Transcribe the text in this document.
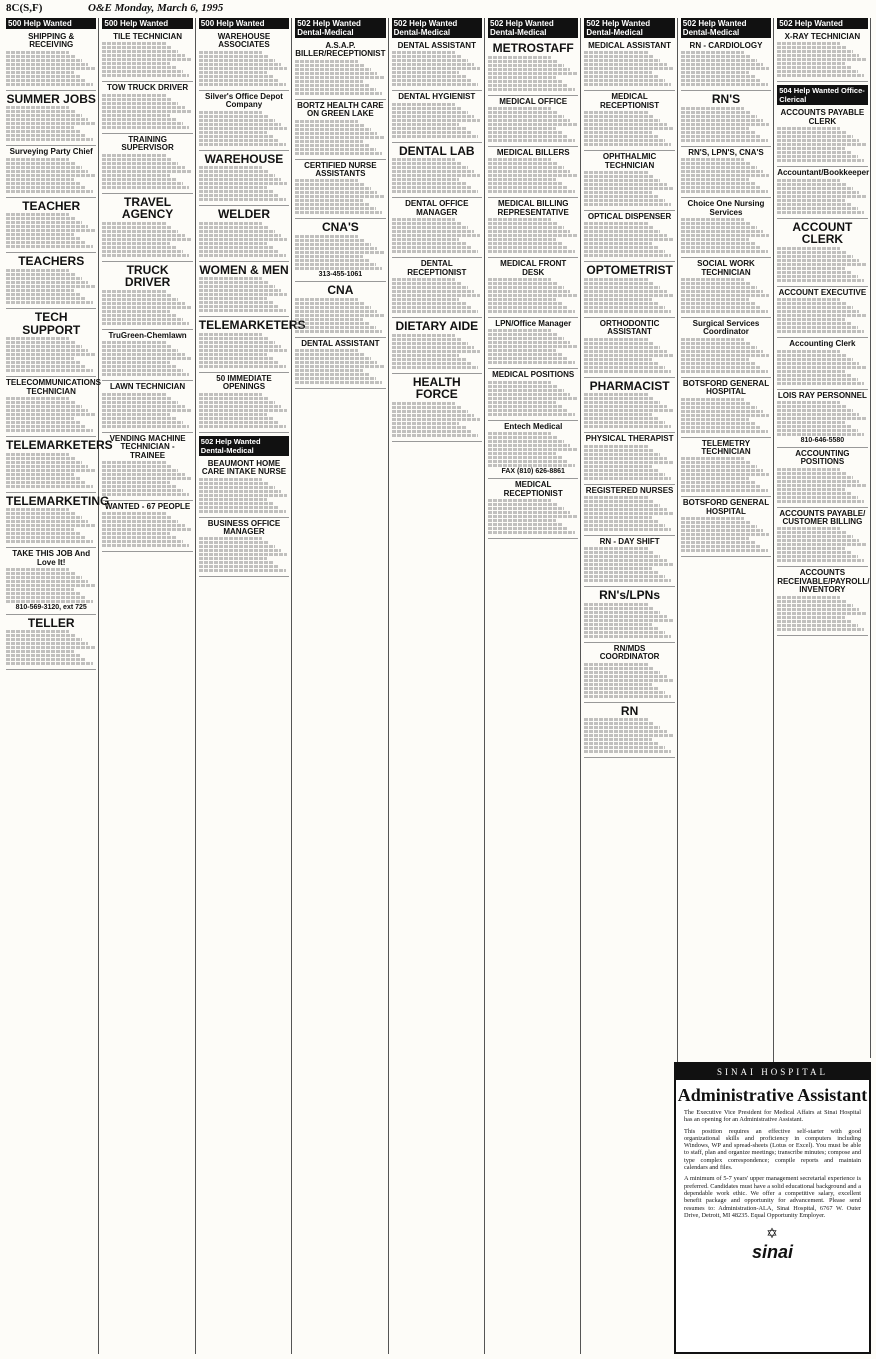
8C(S,F)	O&E Monday, March 6, 1995
500 Help Wanted
SHIPPING & RECEIVING
SUMMER JOBS
Surveying Party Chief
TEACHER
TEACHERS
TECH SUPPORT
TELECOMMUNICATIONS TECHNICIAN
TELEMARKETERS
TELEMARKETING
TAKE THIS JOB And Love It!
810-569-3120, ext 725
TELLER
500 Help Wanted
TILE TECHNICIAN
TOW TRUCK DRIVER
TRAINING SUPERVISOR
TRAVEL AGENCY
TRUCK DRIVER
TruGreen-Chemlawn
LAWN TECHNICIAN
VENDING MACHINE TECHNICIAN - TRAINEE
WANTED - 67 PEOPLE
500 Help Wanted
WAREHOUSE ASSOCIATES
Silver's Office Depot Company
WAREHOUSE
WELDER
WOMEN & MEN
TELEMARKETERS
50 IMMEDIATE OPENINGS
502 Help Wanted Dental-Medical
BEAUMONT HOME CARE INTAKE NURSE
BUSINESS OFFICE MANAGER
502 Help Wanted Dental-Medical
A.S.A.P. BILLER/RECEPTIONIST
BORTZ HEALTH CARE ON GREEN LAKE
CERTIFIED NURSE ASSISTANTS
CNA'S
313-455-1061
CNA
DENTAL ASSISTANT
502 Help Wanted Dental-Medical
DENTAL ASSISTANT
DENTAL HYGIENIST
DENTAL LAB
DENTAL OFFICE MANAGER
DENTAL RECEPTIONIST
DIETARY AIDE
HEALTH FORCE
502 Help Wanted Dental-Medical
METROSTAFF
MEDICAL OFFICE
MEDICAL BILLERS
MEDICAL BILLING REPRESENTATIVE
MEDICAL FRONT DESK
LPN/Office Manager
MEDICAL POSITIONS
Entech Medical
FAX (810) 626-8861
MEDICAL RECEPTIONIST
502 Help Wanted Dental-Medical
MEDICAL ASSISTANT
MEDICAL RECEPTIONIST
OPHTHALMIC TECHNICIAN
OPTICAL DISPENSER
OPTOMETRIST
ORTHODONTIC ASSISTANT
PHARMACIST
PHYSICAL THERAPIST
REGISTERED NURSES
RN - DAY SHIFT
RN's/LPNs
RN/MDS COORDINATOR
RN
502 Help Wanted Dental-Medical
RN - CARDIOLOGY
RN'S
RN'S, LPN'S, CNA'S
Choice One Nursing Services
SOCIAL WORK TECHNICIAN
Surgical Services Coordinator
BOTSFORD GENERAL HOSPITAL
TELEMETRY TECHNICIAN
BOTSFORD GENERAL HOSPITAL
502 Help Wanted
X-RAY TECHNICIAN
504 Help Wanted Office-Clerical
ACCOUNTS PAYABLE CLERK
Accountant/Bookkeeper
ACCOUNT CLERK
ACCOUNT EXECUTIVE
Accounting Clerk
LOIS RAY PERSONNEL
810-646-5580
ACCOUNTING POSITIONS
ACCOUNTS PAYABLE/ CUSTOMER BILLING
ACCOUNTS RECEIVABLE/PAYROLL/ INVENTORY
SINAI HOSPITAL
Administrative Assistant

The Executive Vice President for Medical Affairs at Sinai Hospital has an opening for an Administrative Assistant.

This position requires an effective self-starter with good organizational skills and proficiency in computers including Windows, WP and spread-sheets (Lotus or Excel). You must be able to staff, plan and organize meetings; transcribe minutes; compose and type complex correspondence; compile reports and maintain calendars and files.

A minimum of 5-7 years' upper management secretarial experience is preferred. Candidates must have a solid educational background and a dependable work ethic. We offer a competitive salary, excellent benefit package and opportunity for advancement. Please send resumes to: Administration-ALA, Sinai Hospital, 6767 W. Outer Drive, Detroit, MI 48235. Equal Opportunity Employer.

✡
sinai
